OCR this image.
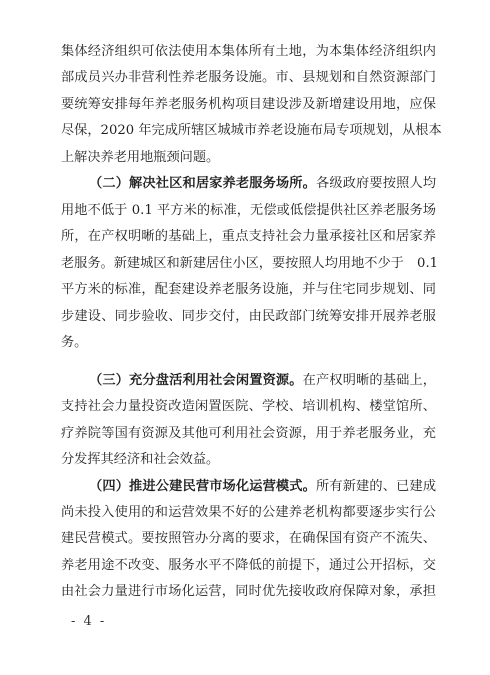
集体经济组织可依法使用本集体所有土地，为本集体经济组织内
部成员兴办非营利性养老服务设施。市、县规划和自然资源部门
要统筹安排每年养老服务机构项目建设涉及新增建设用地，应保
尽保，2020 年完成所辖区城城市养老设施布局专项规划，从根本
上解决养老用地瓶颈问题。
（二）解决社区和居家养老服务场所。各级政府要按照人均
用地不低于 0.1 平方米的标准，无偿或低偿提供社区养老服务场
所，在产权明晰的基础上，重点支持社会力量承接社区和居家养
老服务。新建城区和新建居住小区，要按照人均用地不少于　0.1
平方米的标准，配套建设养老服务设施，并与住宅同步规划、同
步建设、同步验收、同步交付，由民政部门统筹安排开展养老服
务。
（三）充分盘活利用社会闲置资源。在产权明晰的基础上，
支持社会力量投资改造闲置医院、学校、培训机构、楼堂馆所、
疗养院等国有资源及其他可利用社会资源，用于养老服务业，充
分发挥其经济和社会效益。
（四）推进公建民营市场化运营模式。所有新建的、已建成
尚未投入使用的和运营效果不好的公建养老机构都要逐步实行公
建民营模式。要按照管办分离的要求，在确保国有资产不流失、
养老用途不改变、服务水平不降低的前提下，通过公开招标，交
由社会力量进行市场化运营，同时优先接收政府保障对象，承担
- 4 -
